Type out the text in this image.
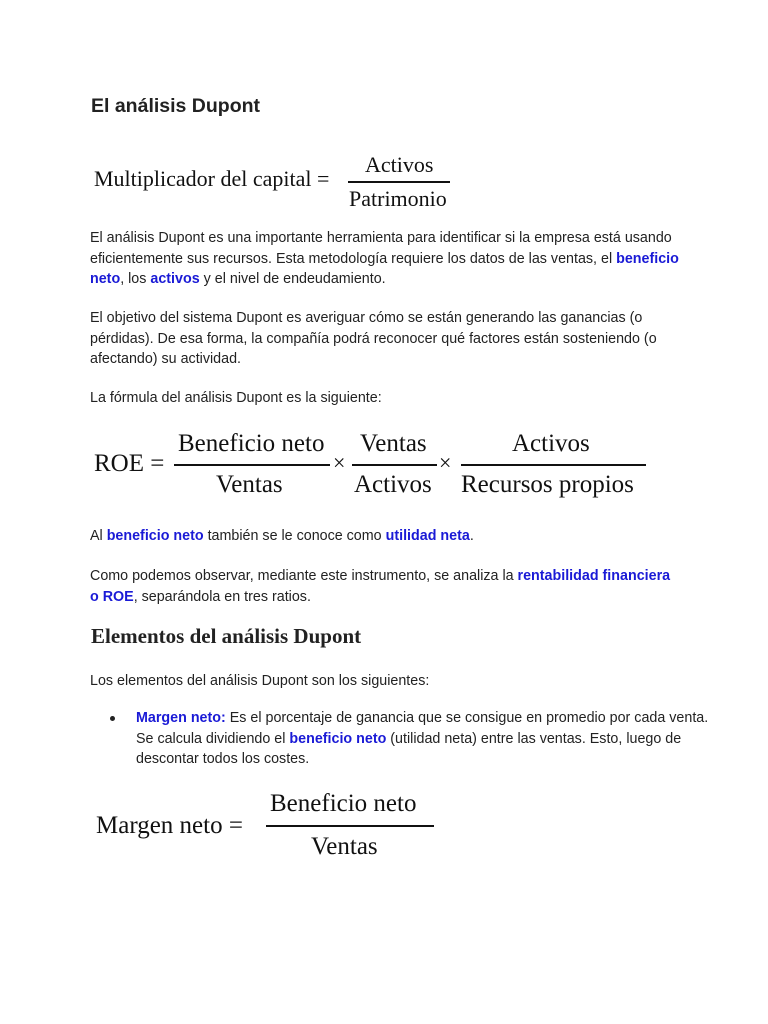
El análisis Dupont
Multiplicador del capital =
Activos
Patrimonio
El análisis Dupont es una importante herramienta para identificar si la empresa está usando eficientemente sus recursos. Esta metodología requiere los datos de las ventas, el beneficio neto, los activos y el nivel de endeudamiento.
El objetivo del sistema Dupont es averiguar cómo se están generando las ganancias (o pérdidas). De esa forma, la compañía podrá reconocer qué factores están sosteniendo (o afectando) su actividad.
La fórmula del análisis Dupont es la siguiente:
ROE =
Beneficio neto
Ventas
×
Ventas
Activos
×
Activos
Recursos propios
Al beneficio neto también se le conoce como utilidad neta.
Como podemos observar, mediante este instrumento, se analiza la rentabilidad financiera o ROE, separándola en tres ratios.
Elementos del análisis Dupont
Los elementos del análisis Dupont son los siguientes:
Margen neto: Es el porcentaje de ganancia que se consigue en promedio por cada venta. Se calcula dividiendo el beneficio neto (utilidad neta) entre las ventas. Esto, luego de descontar todos los costes.
Margen neto =
Beneficio neto
Ventas
